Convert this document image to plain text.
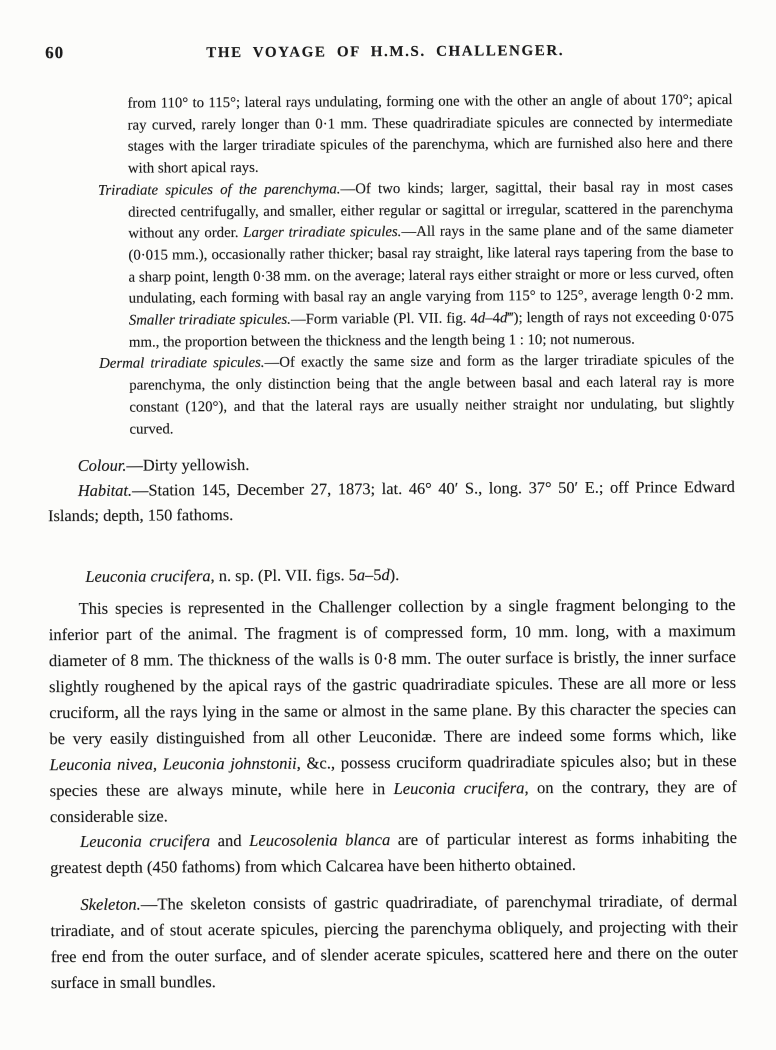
60	THE VOYAGE OF H.M.S. CHALLENGER.

from 110° to 115°; lateral rays undulating, forming one with the other an angle of about 170°; apical ray curved, rarely longer than 0·1 mm. These quadriradiate spicules are connected by intermediate stages with the larger triradiate spicules of the parenchyma, which are furnished also here and there with short apical rays.

Triradiate spicules of the parenchyma.—Of two kinds; larger, sagittal, their basal ray in most cases directed centrifugally, and smaller, either regular or sagittal or irregular, scattered in the parenchyma without any order. Larger triradiate spicules.—All rays in the same plane and of the same diameter (0·015 mm.), occasionally rather thicker; basal ray straight, like lateral rays tapering from the base to a sharp point, length 0·38 mm. on the average; lateral rays either straight or more or less curved, often undulating, each forming with basal ray an angle varying from 115° to 125°, average length 0·2 mm. Smaller triradiate spicules.—Form variable (Pl. VII. fig. 4d–4d‴); length of rays not exceeding 0·075 mm., the proportion between the thickness and the length being 1 : 10; not numerous.

Dermal triradiate spicules.—Of exactly the same size and form as the larger triradiate spicules of the parenchyma, the only distinction being that the angle between basal and each lateral ray is more constant (120°), and that the lateral rays are usually neither straight nor undulating, but slightly curved.

Colour.—Dirty yellowish.

Habitat.—Station 145, December 27, 1873; lat. 46° 40′ S., long. 37° 50′ E.; off Prince Edward Islands; depth, 150 fathoms.

Leuconia crucifera, n. sp. (Pl. VII. figs. 5a–5d).

This species is represented in the Challenger collection by a single fragment belonging to the inferior part of the animal. The fragment is of compressed form, 10 mm. long, with a maximum diameter of 8 mm. The thickness of the walls is 0·8 mm. The outer surface is bristly, the inner surface slightly roughened by the apical rays of the gastric quadriradiate spicules. These are all more or less cruciform, all the rays lying in the same or almost in the same plane. By this character the species can be very easily distinguished from all other Leuconidæ. There are indeed some forms which, like Leuconia nivea, Leuconia johnstonii, &c., possess cruciform quadriradiate spicules also; but in these species these are always minute, while here in Leuconia crucifera, on the contrary, they are of considerable size.

Leuconia crucifera and Leucosolenia blanca are of particular interest as forms inhabiting the greatest depth (450 fathoms) from which Calcarea have been hitherto obtained.

Skeleton.—The skeleton consists of gastric quadriradiate, of parenchymal triradiate, of dermal triradiate, and of stout acerate spicules, piercing the parenchyma obliquely, and projecting with their free end from the outer surface, and of slender acerate spicules, scattered here and there on the outer surface in small bundles.
